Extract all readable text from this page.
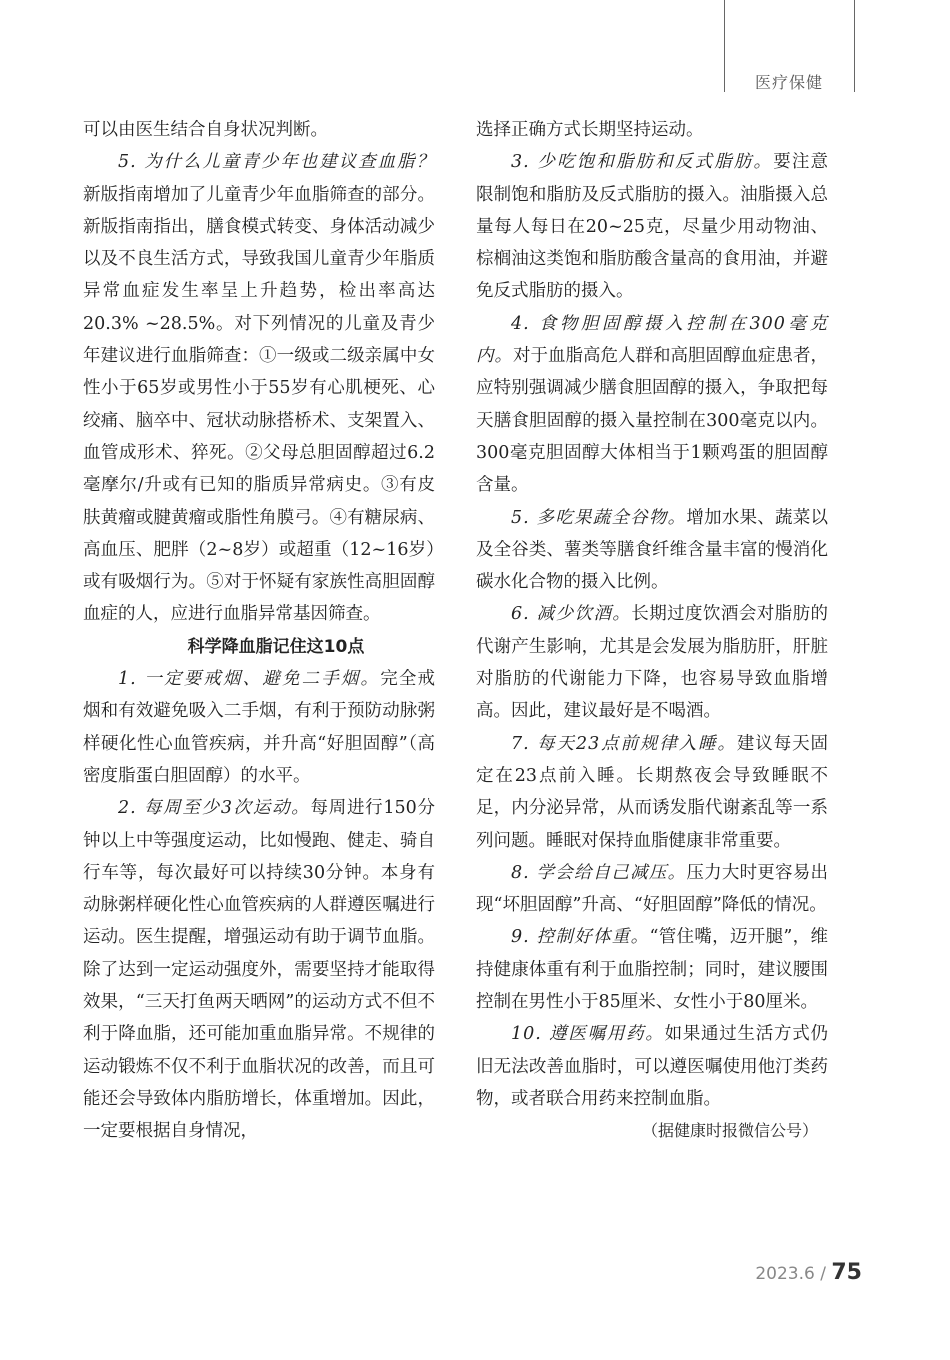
医疗保健

可以由医生结合自身状况判断。

5. 为什么儿童青少年也建议查血脂？新版指南增加了儿童青少年血脂筛查的部分。新版指南指出，膳食模式转变、身体活动减少以及不良生活方式，导致我国儿童青少年脂质异常血症发生率呈上升趋势，检出率高达20.3% ~28.5%。对下列情况的儿童及青少年建议进行血脂筛查：①一级或二级亲属中女性小于65岁或男性小于55岁有心肌梗死、心绞痛、脑卒中、冠状动脉搭桥术、支架置入、血管成形术、猝死。②父母总胆固醇超过6.2毫摩尔/升或有已知的脂质异常病史。③有皮肤黄瘤或腱黄瘤或脂性角膜弓。④有糖尿病、高血压、肥胖（2~8岁）或超重（12~16岁）或有吸烟行为。⑤对于怀疑有家族性高胆固醇血症的人，应进行血脂异常基因筛查。

科学降血脂记住这10点

1. 一定要戒烟、避免二手烟。完全戒烟和有效避免吸入二手烟，有利于预防动脉粥样硬化性心血管疾病，并升高“好胆固醇”（高密度脂蛋白胆固醇）的水平。

2. 每周至少3次运动。每周进行150分钟以上中等强度运动，比如慢跑、健走、骑自行车等，每次最好可以持续30分钟。本身有动脉粥样硬化性心血管疾病的人群遵医嘱进行运动。医生提醒，增强运动有助于调节血脂。除了达到一定运动强度外，需要坚持才能取得效果，“三天打鱼两天晒网”的运动方式不但不利于降血脂，还可能加重血脂异常。不规律的运动锻炼不仅不利于血脂状况的改善，而且可能还会导致体内脂肪增长，体重增加。因此，一定要根据自身情况，

选择正确方式长期坚持运动。

3. 少吃饱和脂肪和反式脂肪。要注意限制饱和脂肪及反式脂肪的摄入。油脂摄入总量每人每日在20~25克，尽量少用动物油、棕榈油这类饱和脂肪酸含量高的食用油，并避免反式脂肪的摄入。

4. 食物胆固醇摄入控制在300毫克内。对于血脂高危人群和高胆固醇血症患者，应特别强调减少膳食胆固醇的摄入，争取把每天膳食胆固醇的摄入量控制在300毫克以内。300毫克胆固醇大体相当于1颗鸡蛋的胆固醇含量。

5. 多吃果蔬全谷物。增加水果、蔬菜以及全谷类、薯类等膳食纤维含量丰富的慢消化碳水化合物的摄入比例。

6. 减少饮酒。长期过度饮酒会对脂肪的代谢产生影响，尤其是会发展为脂肪肝，肝脏对脂肪的代谢能力下降，也容易导致血脂增高。因此，建议最好是不喝酒。

7. 每天23点前规律入睡。建议每天固定在23点前入睡。长期熬夜会导致睡眠不足，内分泌异常，从而诱发脂代谢紊乱等一系列问题。睡眠对保持血脂健康非常重要。

8. 学会给自己减压。压力大时更容易出现“坏胆固醇”升高、“好胆固醇”降低的情况。

9. 控制好体重。“管住嘴，迈开腿”，维持健康体重有利于血脂控制；同时，建议腰围控制在男性小于85厘米、女性小于80厘米。

10. 遵医嘱用药。如果通过生活方式仍旧无法改善血脂时，可以遵医嘱使用他汀类药物，或者联合用药来控制血脂。

（据健康时报微信公号）

2023.6 / 75
